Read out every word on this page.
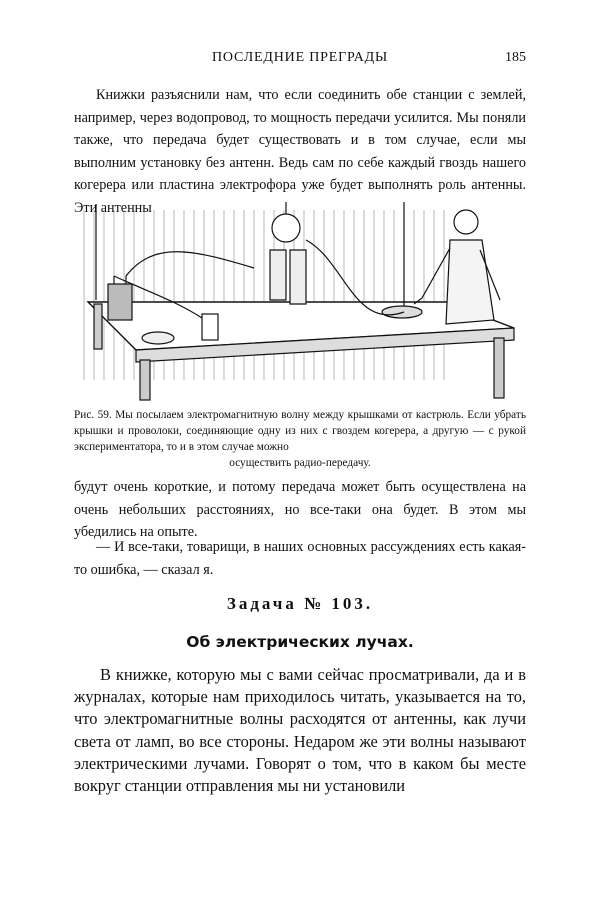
ПОСЛЕДНИЕ ПРЕГРАДЫ	185

Книжки разъяснили нам, что если соединить обе станции с землей, например, через водопровод, то мощность передачи усилится. Мы поняли также, что передача будет существовать и в том случае, если мы выполним установку без антенн. Ведь сам по себе каждый гвоздь нашего когерера или пластина электрофора уже будет выполнять роль антенны. Эти антенны

Рис. 59. Мы посылаем электромагнитную волну между крышками от кастрюль. Если убрать крышки и проволоки, соединяющие одну из них с гвоздем когерера, а другую — с рукой экспериментатора, то и в этом случае можно
осуществить радио-передачу.

будут очень короткие, и потому передача может быть осуществлена на очень небольших расстояниях, но все-таки она будет. В этом мы убедились на опыте.

— И все-таки, товарищи, в наших основных рассуждениях есть какая-то ошибка, — сказал я.

Задача № 103.
Об электрических лучах.

В книжке, которую мы с вами сейчас просматривали, да и в журналах, которые нам приходилось читать, указывается на то, что электромагнитные волны расходятся от антенны, как лучи света от ламп, во все стороны. Недаром же эти волны называют электрическими лучами. Говорят о том, что в каком бы месте вокруг станции отправления мы ни установили
